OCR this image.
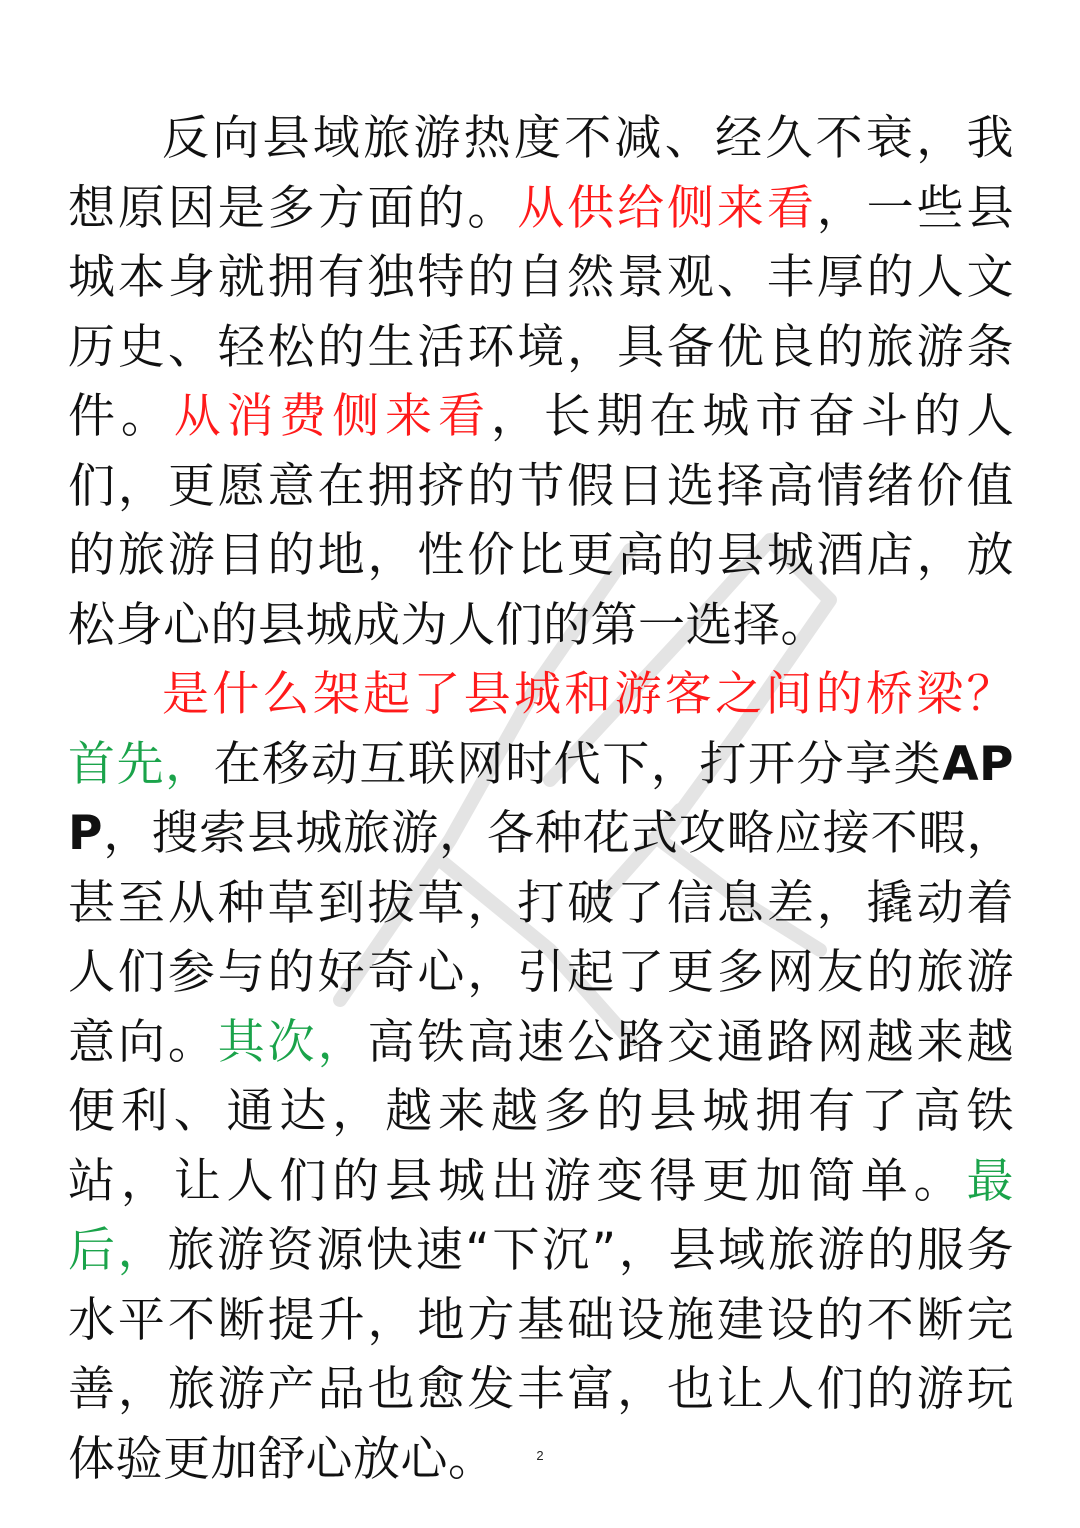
反向县域旅游热度不减、经久不衰，我想原因是多方面的。从供给侧来看，一些县城本身就拥有独特的自然景观、丰厚的人文历史、轻松的生活环境，具备优良的旅游条件。从消费侧来看，长期在城市奋斗的人们，更愿意在拥挤的节假日选择高情绪价值的旅游目的地，性价比更高的县城酒店，放松身心的县城成为人们的第一选择。

是什么架起了县城和游客之间的桥梁？首先，在移动互联网时代下，打开分享类APP，搜索县城旅游，各种花式攻略应接不暇，甚至从种草到拔草，打破了信息差，撬动着人们参与的好奇心，引起了更多网友的旅游意向。其次，高铁高速公路交通路网越来越便利、通达，越来越多的县城拥有了高铁站，让人们的县城出游变得更加简单。最后，旅游资源快速“下沉”，县域旅游的服务水平不断提升，地方基础设施建设的不断完善，旅游产品也愈发丰富，也让人们的游玩体验更加舒心放心。	2
